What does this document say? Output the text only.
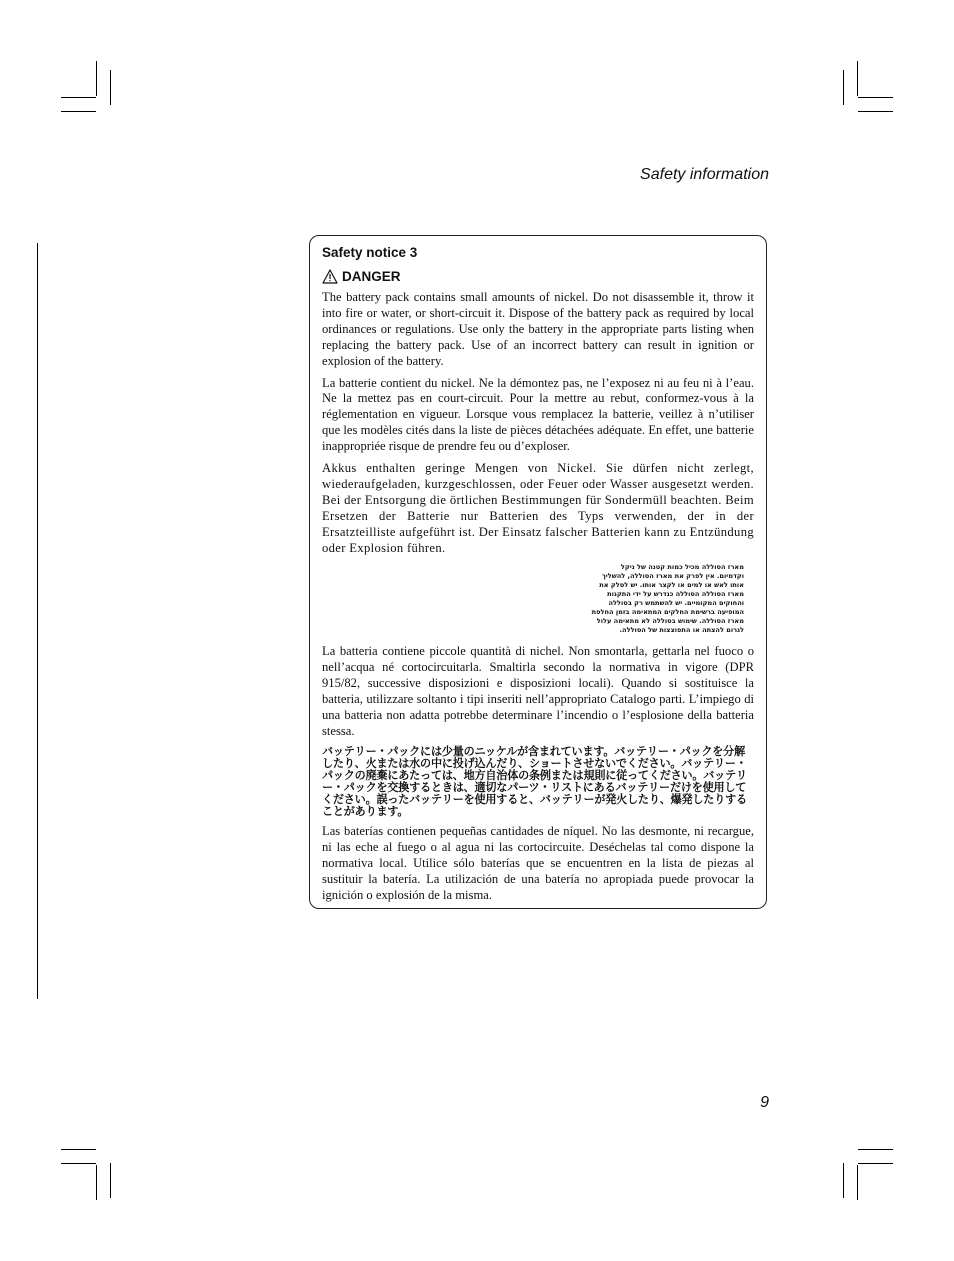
Safety information
Safety notice 3
DANGER

The battery pack contains small amounts of nickel. Do not disassemble it, throw it into fire or water, or short-circuit it. Dispose of the battery pack as required by local ordinances or regulations. Use only the battery in the appropriate parts listing when replacing the battery pack. Use of an incorrect battery can result in ignition or explosion of the battery.

La batterie contient du nickel. Ne la démontez pas, ne l’exposez ni au feu ni à l’eau. Ne la mettez pas en court-circuit. Pour la mettre au rebut, conformez-vous à la réglementation en vigueur. Lorsque vous remplacez la batterie, veillez à n’utiliser que les modèles cités dans la liste de pièces détachées adéquate. En effet, une batterie inappropriée risque de prendre feu ou d’exploser.

Akkus enthalten geringe Mengen von Nickel. Sie dürfen nicht zerlegt, wiederaufgeladen, kurzgeschlossen, oder Feuer oder Wasser ausgesetzt werden. Bei der Entsorgung die örtlichen Bestimmungen für Sondermüll beachten. Beim Ersetzen der Batterie nur Batterien des Typs verwenden, der in der Ersatzteilliste aufgeführt ist. Der Einsatz falscher Batterien kann zu Entzündung oder Explosion führen.

מארז הסוללה מכיל כמות קטנה של ניקל
וקדמיום. אין לפרק את מארז הסוללה, להשליך
אותו לאש או למים או לקצר אותו. יש לסלק את
מארז הסוללה הסוללה כנדרש על ידי התקנות
והחוקים המקומיים. יש להשתמש רק בסוללה
המופיעה ברשימת החלקים המתאימה בזמן החלפת
מארז הסוללה. שימוש בסוללה לא מתאימה עלול
לגרום להצתה או התפוצצות של הסוללה.

La batteria contiene piccole quantità di nichel. Non smontarla, gettarla nel fuoco o nell’acqua né cortocircuitarla. Smaltirla secondo la normativa in vigore (DPR 915/82, successive disposizioni e disposizioni locali). Quando si sostituisce la batteria, utilizzare soltanto i tipi inseriti nell’appropriato Catalogo parti. L’impiego di una batteria non adatta potrebbe determinare l’incendio o l’esplosione della batteria stessa.

バッテリー・パックには少量のニッケルが含まれています。バッテリー・パックを分解したり、火または水の中に投げ込んだり、ショートさせないでください。バッテリー・パックの廃棄にあたっては、地方自治体の条例または規則に従ってください。バッテリー・パックを交換するときは、適切なパーツ・リストにあるバッテリーだけを使用してください。誤ったバッテリーを使用すると、バッテリーが発火したり、爆発したりすることがあります。

Las baterías contienen pequeñas cantidades de níquel. No las desmonte, ni recargue, ni las eche al fuego o al agua ni las cortocircuite. Deséchelas tal como dispone la normativa local. Utilice sólo baterías que se encuentren en la lista de piezas al sustituir la batería. La utilización de una batería no apropiada puede provocar la ignición o explosión de la misma.

9
